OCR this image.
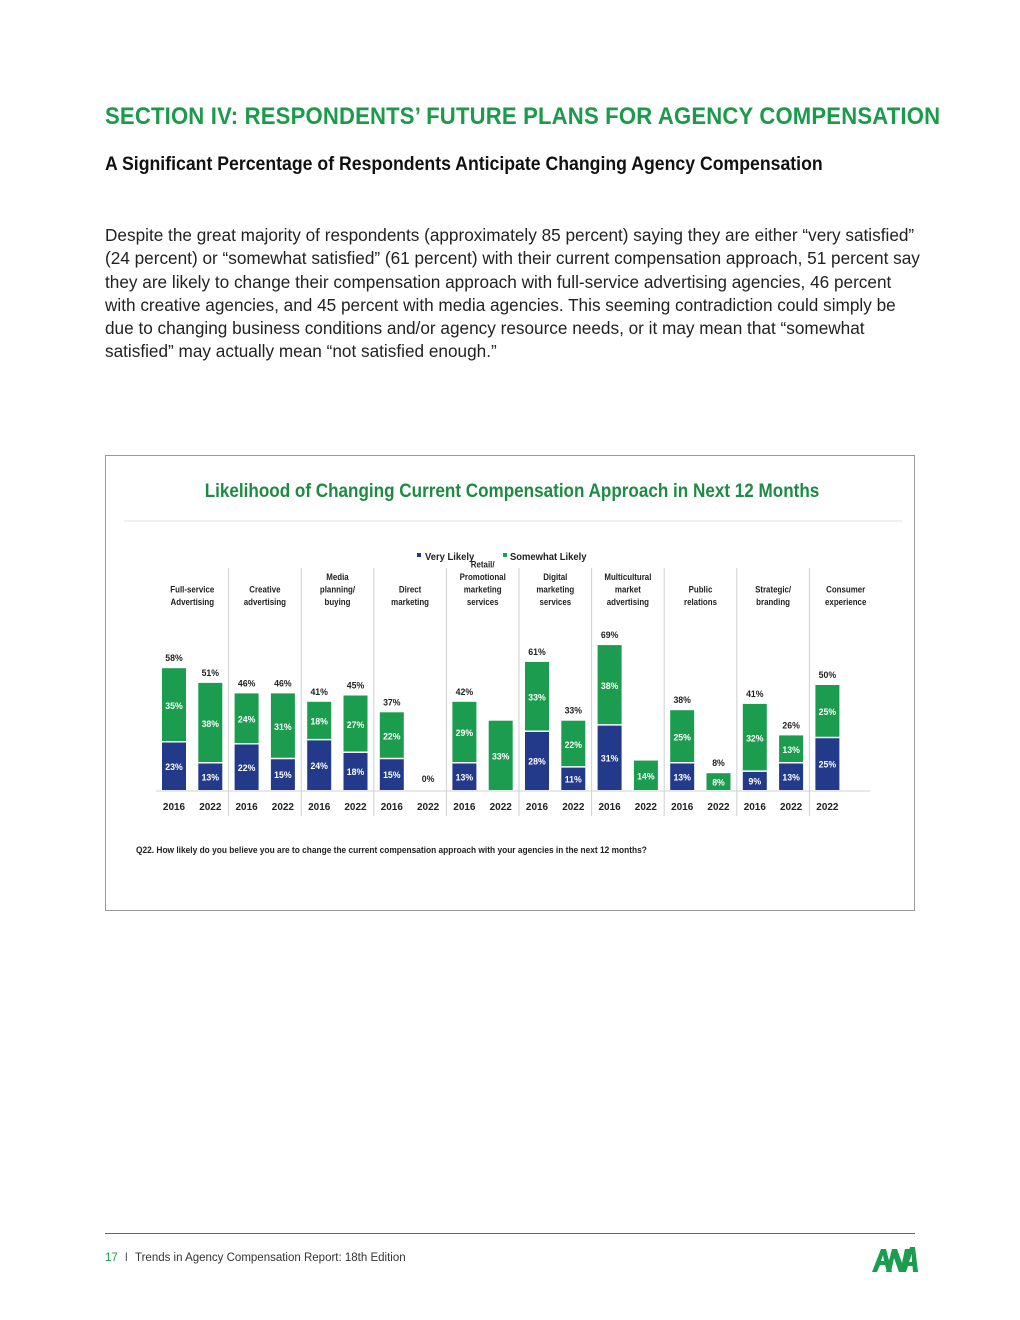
SECTION IV: RESPONDENTS’ FUTURE PLANS FOR AGENCY COMPENSATION
A Significant Percentage of Respondents Anticipate Changing Agency Compensation

Despite the great majority of respondents (approximately 85 percent) saying they are either “very satisfied” (24 percent) or “somewhat satisfied” (61 percent) with their current compensation approach, 51 percent say they are likely to change their compensation approach with full-service advertising agencies, 46 percent with creative agencies, and 45 percent with media agencies. This seeming contradiction could simply be due to changing business conditions and/or agency resource needs, or it may mean that “somewhat satisfied” may actually mean “not satisfied enough.”

Likelihood of Changing Current Compensation Approach in Next 12 Months
Very Likely	Somewhat Likely
Full-service
Advertising
23%
35%
58%
2016
13%
38%
51%
2022
Creative
advertising
22%
24%
46%
2016
15%
31%
46%
2022
Media
planning/
buying
24%
18%
41%
2016
18%
27%
45%
2022
Direct
marketing
15%
22%
37%
2016
0%
2022
Retail/
Promotional
marketing
services
13%
29%
42%
2016
33%
2022
Digital
marketing
services
28%
33%
61%
2016
11%
22%
33%
2022
Multicultural
market
advertising
31%
38%
69%
2016
14%
2022
Public
relations
13%
25%
38%
2016
8%
8%
2022
Strategic/
branding
9%
32%
41%
2016
13%
13%
26%
2022
Consumer
experience
25%
25%
50%
2022
Q22. How likely do you believe you are to change the current compensation approach with your agencies in the next 12 months?
17 I Trends in Agency Compensation Report: 18th Edition
